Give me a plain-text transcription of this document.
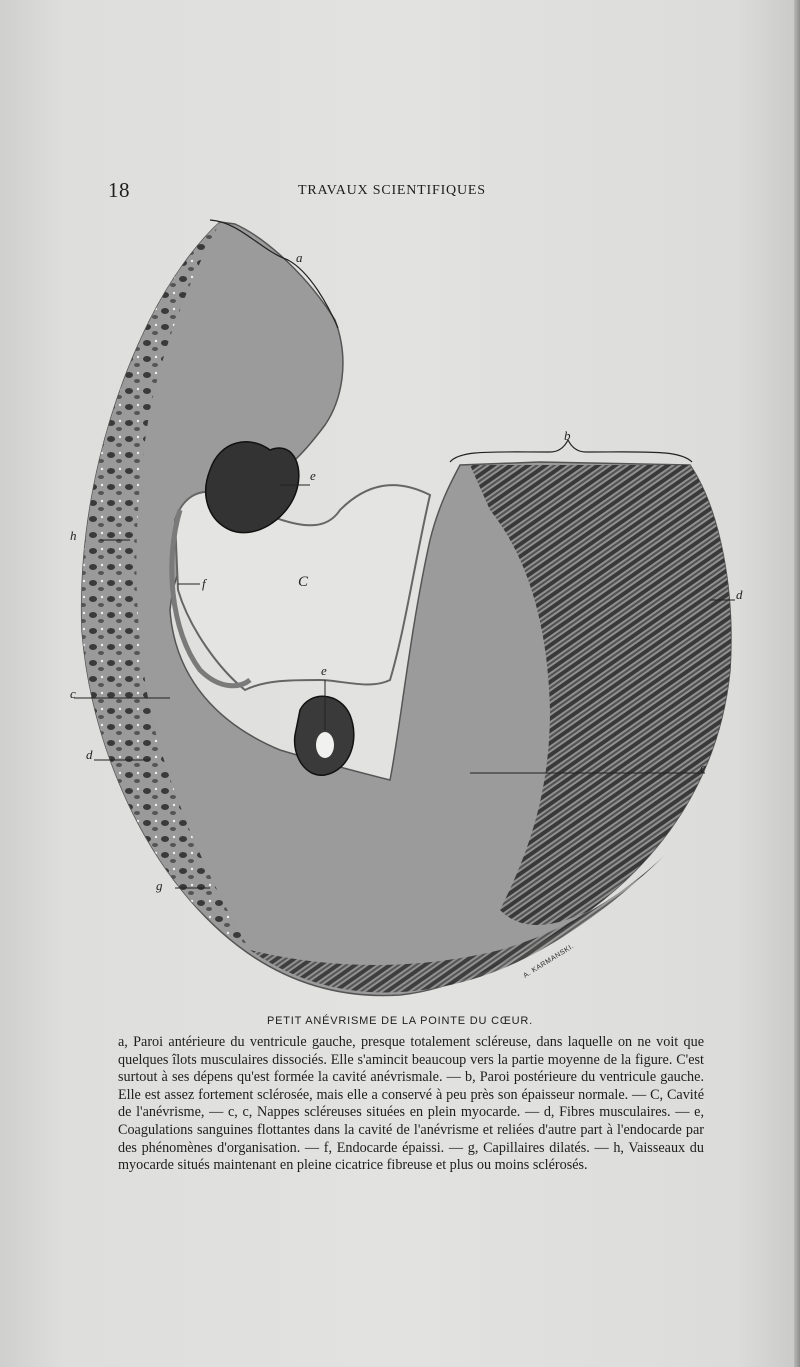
18	TRAVAUX SCIENTIFIQUES
a
b
C
c
c
d
d
e
e
f
g
h
A. KARMANSKI.
PETIT ANÉVRISME DE LA POINTE DU CŒUR.

a, Paroi antérieure du ventricule gauche, presque totalement scléreuse, dans laquelle on ne voit que quelques îlots musculaires dissociés. Elle s'amincit beaucoup vers la partie moyenne de la figure. C'est surtout à ses dépens qu'est formée la cavité anévrismale. — b, Paroi postérieure du ventricule gauche. Elle est assez fortement sclérosée, mais elle a conservé à peu près son épaisseur normale. — C, Cavité de l'anévrisme, — c, c, Nappes scléreuses situées en plein myocarde. — d, Fibres musculaires. — e, Coagulations sanguines flottantes dans la cavité de l'anévrisme et reliées d'autre part à l'endocarde par des phénomènes d'organisation. — f, Endocarde épaissi. — g, Capillaires dilatés. — h, Vaisseaux du myocarde situés maintenant en pleine cicatrice fibreuse et plus ou moins sclérosés.
